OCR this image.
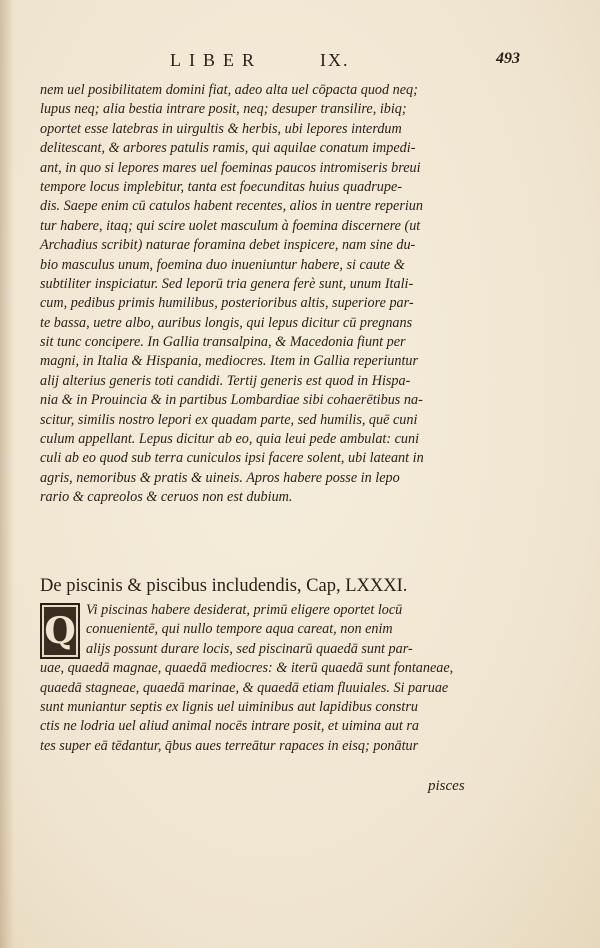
LIBER	IX.	493
nem uel posibilitatem domini fiat, adeo alta uel cōpacta quod neq;
lupus neq; alia bestia intrare posit, neq; desuper transilire, ibiq;
oportet esse latebras in uirgultis & herbis, ubi lepores interdum
delitescant, & arbores patulis ramis, qui aquilae conatum impedi-
ant, in quo si lepores mares uel foeminas paucos intromiseris breui
tempore locus implebitur, tanta est foecunditas huius quadrupe-
dis. Saepe enim cū catulos habent recentes, alios in uentre reperiun
tur habere, itaq; qui scire uolet masculum à foemina discernere (ut
Archadius scribit) naturae foramina debet inspicere, nam sine du-
bio masculus unum, foemina duo inueniuntur habere, si caute &
subtiliter inspiciatur. Sed leporū tria genera ferè sunt, unum Itali-
cum, pedibus primis humilibus, posterioribus altis, superiore par-
te bassa, uetre albo, auribus longis, qui lepus dicitur cū pregnans
sit tunc concipere. In Gallia transalpina, & Macedonia fiunt per
magni, in Italia & Hispania, mediocres. Item in Gallia reperiuntur
alij alterius generis toti candidi. Tertij generis est quod in Hispa-
nia & in Prouincia & in partibus Lombardiae sibi cohaerētibus na-
scitur, similis nostro lepori ex quadam parte, sed humilis, quē cuni
culum appellant. Lepus dicitur ab eo, quia leui pede ambulat: cuni
culi ab eo quod sub terra cuniculos ipsi facere solent, ubi lateant in
agris, nemoribus & pratis & uineis. Apros habere posse in lepo
rario & capreolos & ceruos non est dubium.
De piscinis & piscibus includendis, Cap, LXXXI.
Q Vi piscinas habere desiderat, primū eligere oportet locū
conuenientē, qui nullo tempore aqua careat, non enim
alijs possunt durare locis, sed piscinarū quaedā sunt par-
uae, quaedā magnae, quaedā mediocres: & iterū quaedā sunt fontaneae,
quaedā stagneae, quaedā marinae, & quaedā etiam fluuiales. Si paruae
sunt muniantur septis ex lignis uel uiminibus aut lapidibus constru
ctis ne lodria uel aliud animal nocēs intrare posit, et uimina aut ra
tes super eā tēdantur, q̄bus aues terreātur rapaces in eisq; ponātur
pisces
